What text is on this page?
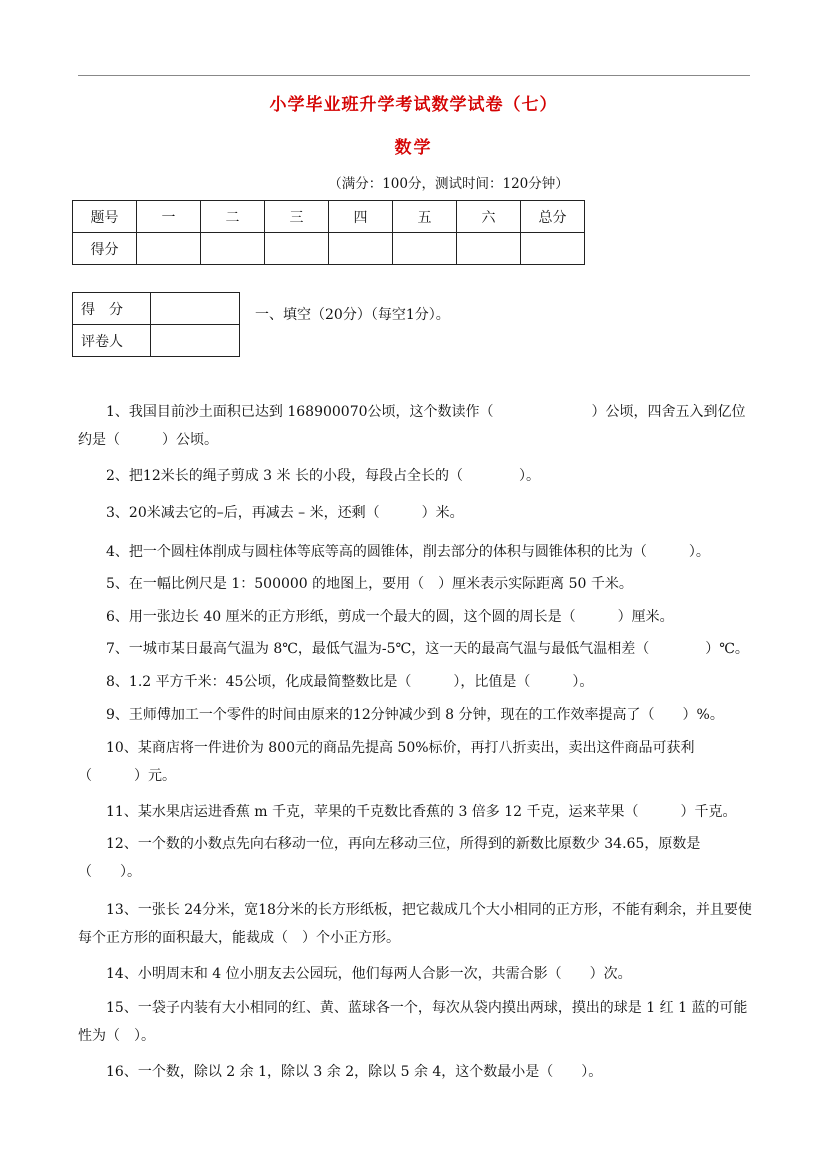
小学毕业班升学考试数学试卷（七）
数学
（满分：100分，测试时间：120分钟）
题号	一	二	三	四	五	六	总分
得分							
得　分	
评卷人	
一、填空（20分）（每空1分）。
1、我国目前沙土面积已达到 168900070公顷，这个数读作（　　　　　　　）公顷，四舍五入到亿位约是（　　　）公顷。
2、把12米长的绳子剪成 3 米 长的小段，每段占全长的（　　　　）。
3、20米减去它的–后，再减去 – 米，还剩（　　　）米。
4、把一个圆柱体削成与圆柱体等底等高的圆锥体，削去部分的体积与圆锥体积的比为（　　　）。
5、在一幅比例尺是 1：500000 的地图上，要用（　）厘米表示实际距离 50 千米。
6、用一张边长 40 厘米的正方形纸，剪成一个最大的圆，这个圆的周长是（　　　）厘米。
7、一城市某日最高气温为 8℃，最低气温为-5℃，这一天的最高气温与最低气温相差（　　　　）℃。
8、1.2 平方千米：45公顷，化成最简整数比是（　　　），比值是（　　　）。
9、王师傅加工一个零件的时间由原来的12分钟减少到 8 分钟，现在的工作效率提高了（　　）%。
10、某商店将一件进价为 800元的商品先提高 50%标价，再打八折卖出，卖出这件商品可获利（　　　）元。
11、某水果店运进香蕉 m 千克，苹果的千克数比香蕉的 3 倍多 12 千克，运来苹果（　　　）千克。
12、一个数的小数点先向右移动一位，再向左移动三位，所得到的新数比原数少 34.65，原数是（　　）。
13、一张长 24分米，宽18分米的长方形纸板，把它裁成几个大小相同的正方形，不能有剩余，并且要使每个正方形的面积最大，能裁成（　）个小正方形。
14、小明周末和 4 位小朋友去公园玩，他们每两人合影一次，共需合影（　　）次。
15、一袋子内装有大小相同的红、黄、蓝球各一个，每次从袋内摸出两球，摸出的球是 1 红 1 蓝的可能性为（　）。
16、一个数，除以 2 余 1，除以 3 余 2，除以 5 余 4，这个数最小是（　　）。
